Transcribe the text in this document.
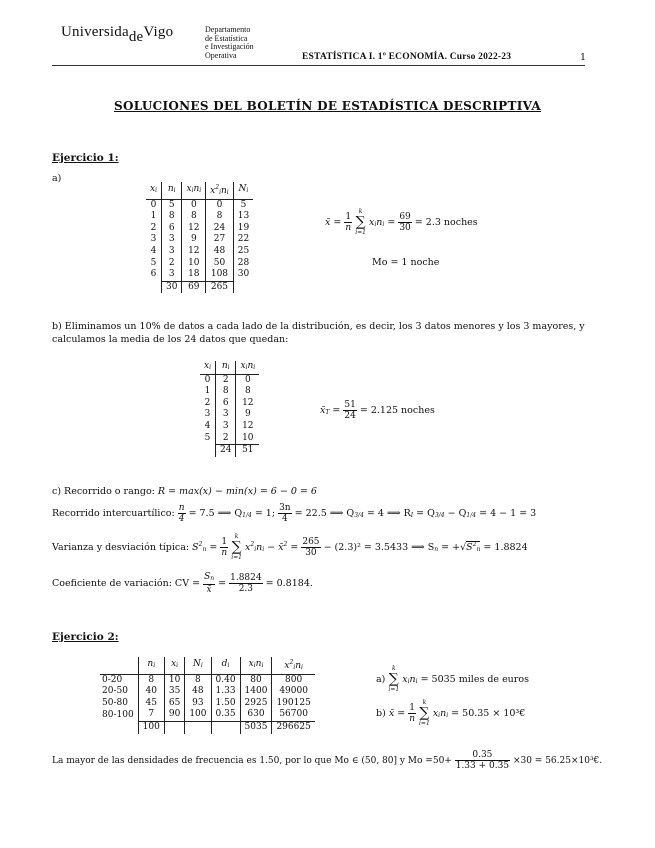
UniversidadeVigo	Departamento
de Estatística
e Investigación
Operativa	ESTATÍSTICA I. 1º ECONOMÍA. Curso 2022-23	1
SOLUCIONES DEL BOLETÍN DE ESTADÍSTICA DESCRIPTIVA
Ejercicio 1:
a)
xi	ni	xini	$x^2ini$	Ni
0	5	0	0	5
1	8	8	8	13
2	6	12	24	19
3	3	9	27	22
4	3	12	48	25
5	2	10	50	28
6	3	18	108	30
	30	69	265	
x̄ = $\frac{1}{n}$

k
∑
i=1
xini = $\frac{69}{30} = 2.3$ noches
Mo = 1 noche
b) Eliminamos un 10% de datos a cada lado de la distribución, es decir, los 3 datos menores y los 3 mayores, y calculamos la media de los 24 datos que quedan:
xi	ni	xini
0	2	0
1	8	8
2	6	12
3	3	9
4	3	12
5	2	10
	24	51
x̄T = $\frac{51}{24} = 2.125$ noches
c) Recorrido o rango: R = max(x) − min(x) = 6 − 0 = 6
Recorrido intercuartílico: $\frac{n}{4} = 7.5$ ⟹ Q1/4 = 1; $\frac{3n}{4} = 22.5$ ⟹ Q3/4 = 4 ⟹ RI = Q3/4 − Q1/4 = 4 − 1 = 3
Varianza y desviación típica: $S^2n = \frac{1}{n}$

k
∑
i=1
$x^2ini$ − x̄$^2$ = $\frac{265}{30} - (2.3)^2 = 3.5433$ ⟹ $Sn = +√S^2n = 1.8824$
Coeficiente de variación: CV = $\frac{Sn}{x̄} = \frac{1.8824}{2.3} = 0.8184$.
Ejercicio 2:
	ni	xi	Ni	di	xini	$x^2ini$
0-20	8	10	8	0.40	80	800
20-50	40	35	48	1.33	1400	49000
50-80	45	65	93	1.50	2925	190125
80-100	7	90	100	0.35	630	56700
	100				5035	296625
a)
k
∑
i=1
xini = 5035 miles de euros
b) x̄ = $\frac{1}{n}$

k
∑
i=1
xini = 50.35 × 10³€
La mayor de las densidades de frecuencia es 1.50, por lo que Mo ∈ (50, 80] y $Mo =50+ \frac{0.35}{1.33 + 0.35} \times 30$ = 56.25×10³€.
